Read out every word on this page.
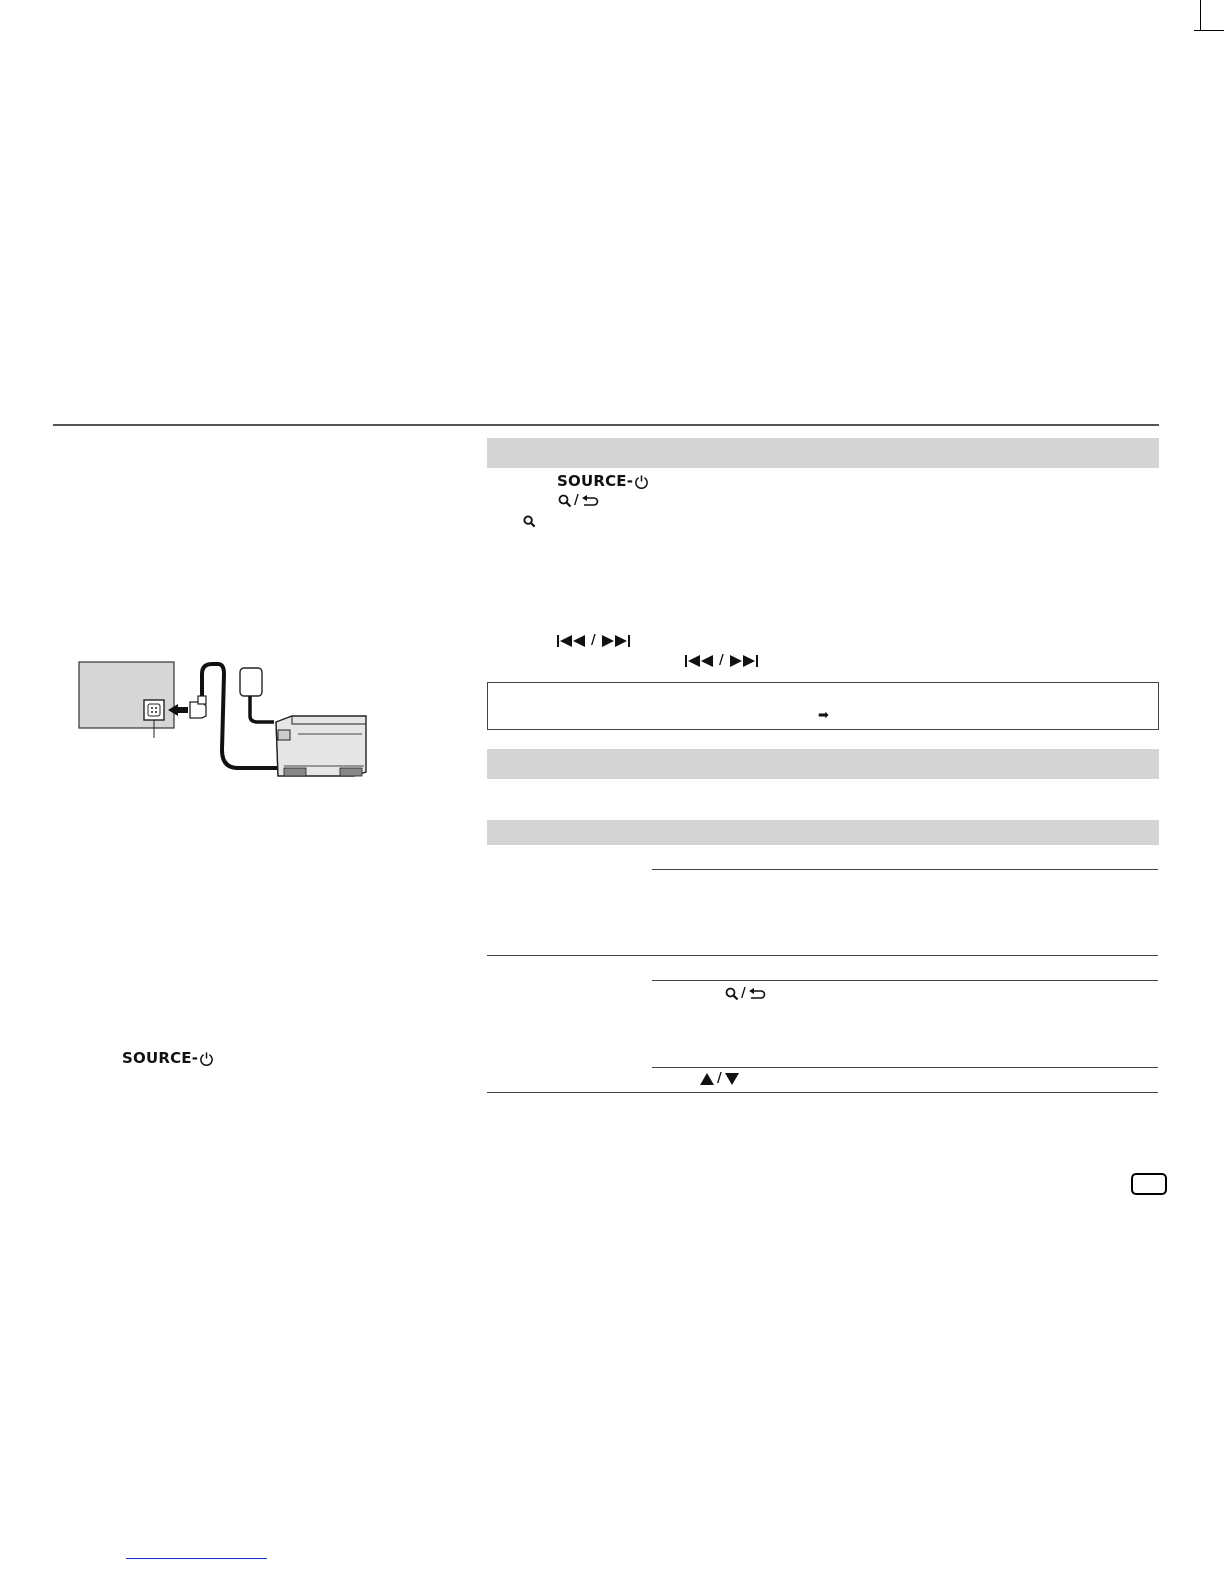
SOURCE-
/
/
/
➡
/
/
SOURCE-
